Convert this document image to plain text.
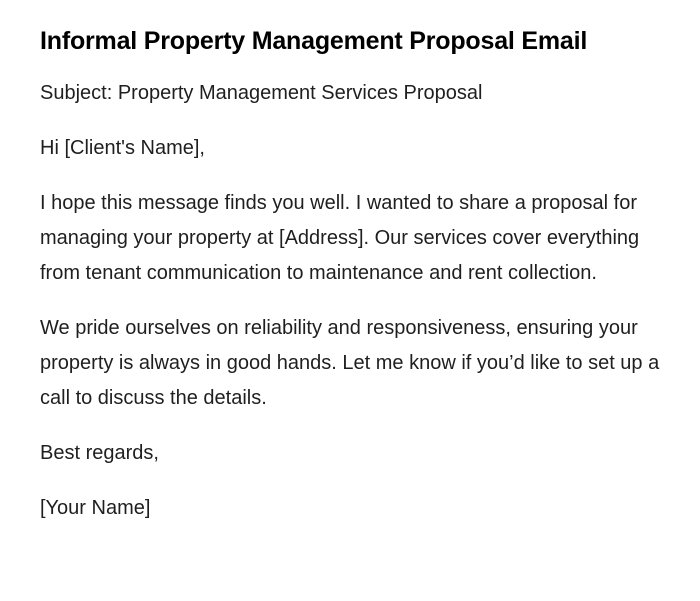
Informal Property Management Proposal Email

Subject: Property Management Services Proposal

Hi [Client's Name],

I hope this message finds you well. I wanted to share a proposal for managing your property at [Address]. Our services cover everything from tenant communication to maintenance and rent collection.

We pride ourselves on reliability and responsiveness, ensuring your property is always in good hands. Let me know if you’d like to set up a call to discuss the details.

Best regards,

[Your Name]
